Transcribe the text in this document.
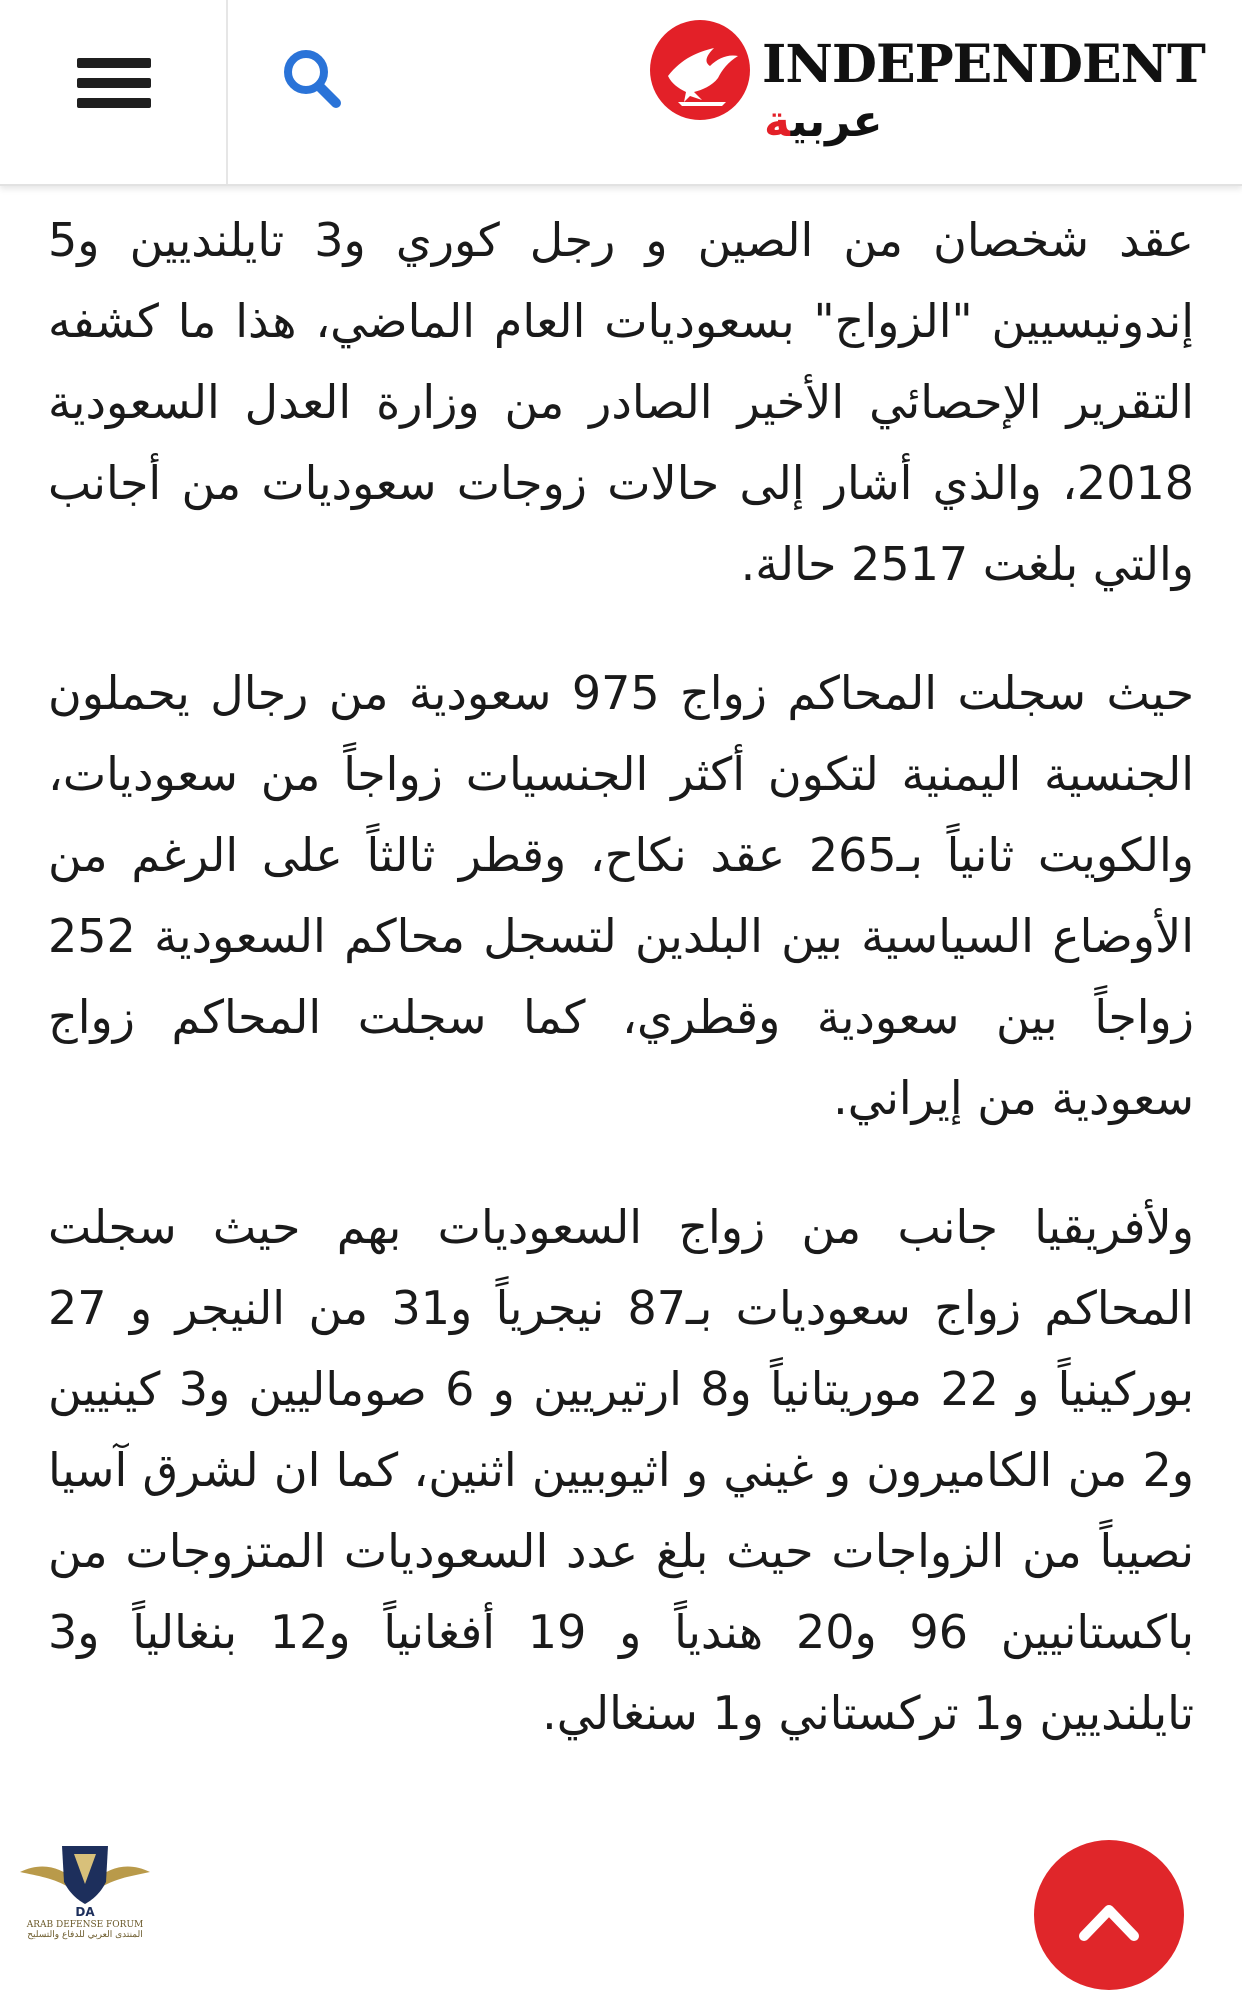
INDEPENDENT
عربية

عقد شخصان من الصين و رجل كوري و3 تايلنديين و5 إندونيسيين "الزواج" بسعوديات العام الماضي، هذا ما كشفه التقرير الإحصائي الأخير الصادر من وزارة العدل السعودية 2018، والذي أشار إلى حالات زوجات سعوديات من أجانب والتي بلغت 2517 حالة.

حيث سجلت المحاكم زواج 975 سعودية من رجال يحملون الجنسية اليمنية لتكون أكثر الجنسيات زواجاً من سعوديات، والكويت ثانياً بـ265 عقد نكاح، وقطر ثالثاً على الرغم من الأوضاع السياسية بين البلدين لتسجل محاكم السعودية 252 زواجاً بين سعودية وقطري، كما سجلت المحاكم زواج سعودية من إيراني.

ولأفريقيا جانب من زواج السعوديات بهم حيث سجلت المحاكم زواج سعوديات بـ87 نيجرياً و31 من النيجر و 27 بوركينياً و 22 موريتانياً و8 ارتيريين و 6 صوماليين و3 كينيين و2 من الكاميرون و غيني و اثيوبيين اثنين، كما ان لشرق آسيا نصيباً من الزواجات حيث بلغ عدد السعوديات المتزوجات من باكستانيين 96 و20 هندياً و 19 أفغانياً و12 بنغالياً و3 تايلنديين و1 تركستاني و1 سنغالي.

DA
ARAB DEFENSE FORUM
المنتدى العربي للدفاع والتسليح
